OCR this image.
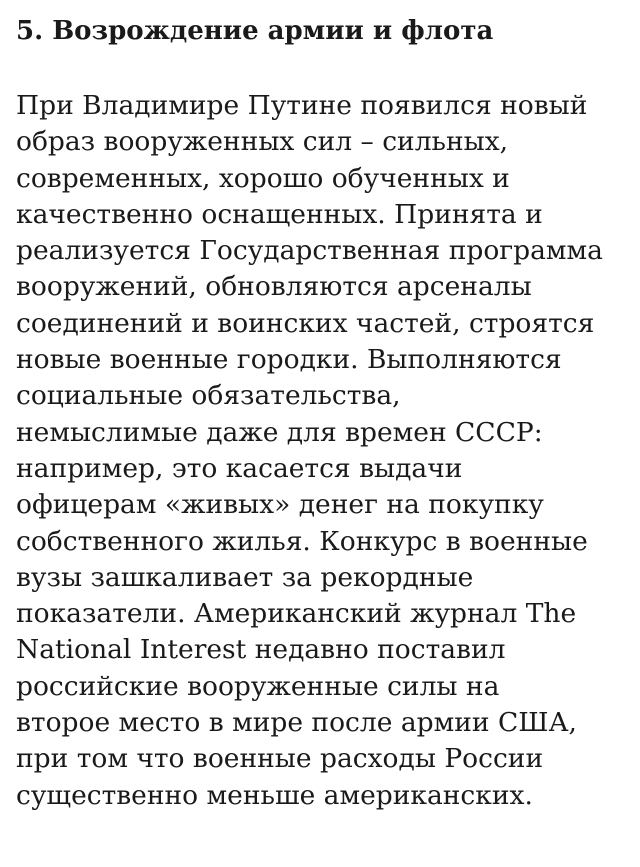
5. Возрождение армии и флота

При Владимире Путине появился новый
образ вооруженных сил – сильных,
современных, хорошо обученных и
качественно оснащенных. Принята и
реализуется Государственная программа
вооружений, обновляются арсеналы
соединений и воинских частей, строятся
новые военные городки. Выполняются
социальные обязательства,
немыслимые даже для времен СССР:
например, это касается выдачи
офицерам «живых» денег на покупку
собственного жилья. Конкурс в военные
вузы зашкаливает за рекордные
показатели. Американский журнал The
National Interest недавно поставил
российские вооруженные силы на
второе место в мире после армии США,
при том что военные расходы России
существенно меньше американских.
